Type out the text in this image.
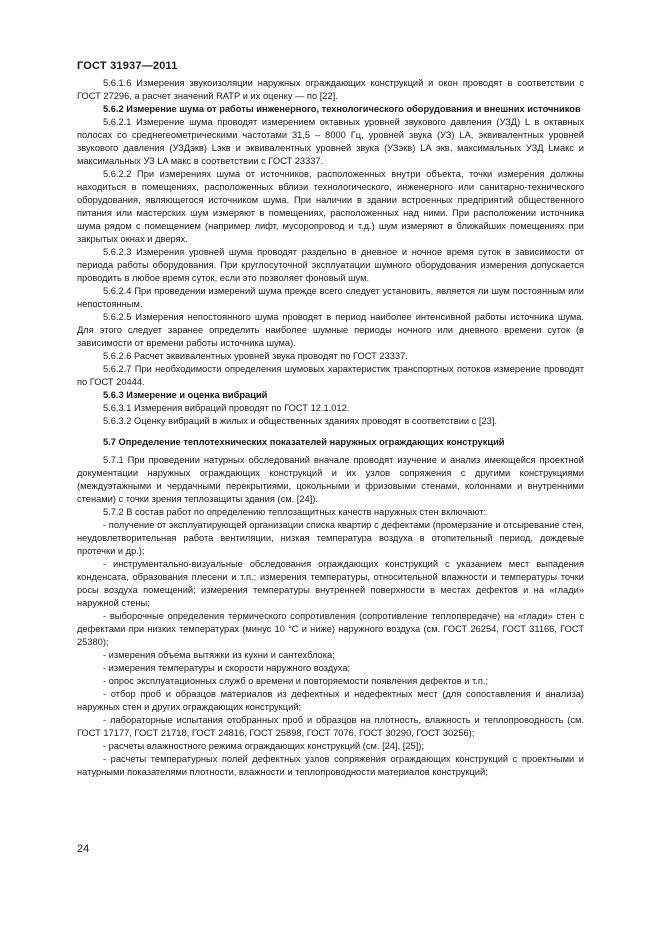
ГОСТ 31937—2011

5.6.1.6 Измерения звукоизоляции наружных ограждающих конструкций и окон проводят в соответствии с ГОСТ 27296, а расчет значений RАТР и их оценку — по [22].

5.6.2 Измерение шума от работы инженерного, технологического оборудования и внешних источников

5.6.2.1 Измерение шума проводят измерением октавных уровней звукового давления (УЗД) L в октавных полосах со среднегеометрическими частотами 31,5 – 8000 Гц, уровней звука (УЗ) LA, эквивалентных уровней звукового давления (УЗДэкв) Lэкв и эквивалентных уровней звука (УЗэкв) LA экв, максимальных УЗД Lмакс и максимальных УЗ LA макс в соответствии с ГОСТ 23337.

5.6.2.2 При измерениях шума от источников, расположенных внутри объекта, точки измерения должны находиться в помещениях, расположенных вблизи технологического, инженерного или санитарно-технического оборудования, являющегося источником шума. При наличии в здании встроенных предприятий общественного питания или мастерских шум измеряют в помещениях, расположенных над ними. При расположении источника шума рядом с помещением (например лифт, мусоропровод и т.д.) шум измеряют в ближайших помещениях при закрытых окнах и дверях.

5.6.2.3 Измерения уровней шума проводят раздельно в дневное и ночное время суток в зависимости от периода работы оборудования. При круглосуточной эксплуатации шумного оборудования измерения допускается проводить в любое время суток, если это позволяет фоновый шум.

5.6.2.4 При проведении измерений шума прежде всего следует установить, является ли шум постоянным или непостоянным.

5.6.2.5 Измерения непостоянного шума проводят в период наиболее интенсивной работы источника шума. Для этого следует заранее определить наиболее шумные периоды ночного или дневного времени суток (в зависимости от времени работы источника шума).

5.6.2.6 Расчет эквивалентных уровней звука проводят по ГОСТ 23337.

5.6.2.7 При необходимости определения шумовых характеристик транспортных потоков измерение проводят по ГОСТ 20444.

5.6.3 Измерение и оценка вибраций

5.6.3.1 Измерения вибраций проводят по ГОСТ 12.1.012.

5.6.3.2 Оценку вибраций в жилых и общественных зданиях проводят в соответствии с [23].

5.7 Определение теплотехнических показателей наружных ограждающих конструкций

5.7.1 При проведении натурных обследований вначале проводят изучение и анализ имеющейся проектной документации наружных ограждающих конструкций и их узлов сопряжения с другими конструкциями (междуэтажными и чердачными перекрытиями, цокольными и фризовыми стенами, колоннами и внутренними стенами) с точки зрения теплозащиты здания (см. [24]).

5.7.2 В состав работ по определению теплозащитных качеств наружных стен включают:

- получение от эксплуатирующей организации списка квартир с дефектами (промерзание и отсыревание стен, неудовлетворительная работа вентиляции, низкая температура воздуха в отопительный период, дождевые протечки и др.);

- инструментально-визуальные обследования ограждающих конструкций с указанием мест выпадения конденсата, образования плесени и т.п.; измерения температуры, относительной влажности и температуры точки росы воздуха помещений; измерения температуры внутренней поверхности в местах дефектов и на «глади» наружной стены;

- выборочные определения термического сопротивления (сопротивление теплопередаче) на «глади» стен с дефектами при низких температурах (минус 10 °С и ниже) наружного воздуха (см. ГОСТ 26254, ГОСТ 31166, ГОСТ 25380);

- измерения объема вытяжки из кухни и сантехблока;

- измерения температуры и скорости наружного воздуха;

- опрос эксплуатационных служб о времени и повторяемости появления дефектов и т.п.;

- отбор проб и образцов материалов из дефектных и недефектных мест (для сопоставления и анализа) наружных стен и других ограждающих конструкций;

- лабораторные испытания отобранных проб и образцов на плотность, влажность и теплопроводность (см. ГОСТ 17177, ГОСТ 21718, ГОСТ 24816, ГОСТ 25898, ГОСТ 7076, ГОСТ 30290, ГОСТ 30256);

- расчеты влажностного режима ограждающих конструкций (см. [24], [25]);

- расчеты температурных полей дефектных узлов сопряжения ограждающих конструкций с проектными и натурными показателями плотности, влажности и теплопроводности материалов конструкций;

24
